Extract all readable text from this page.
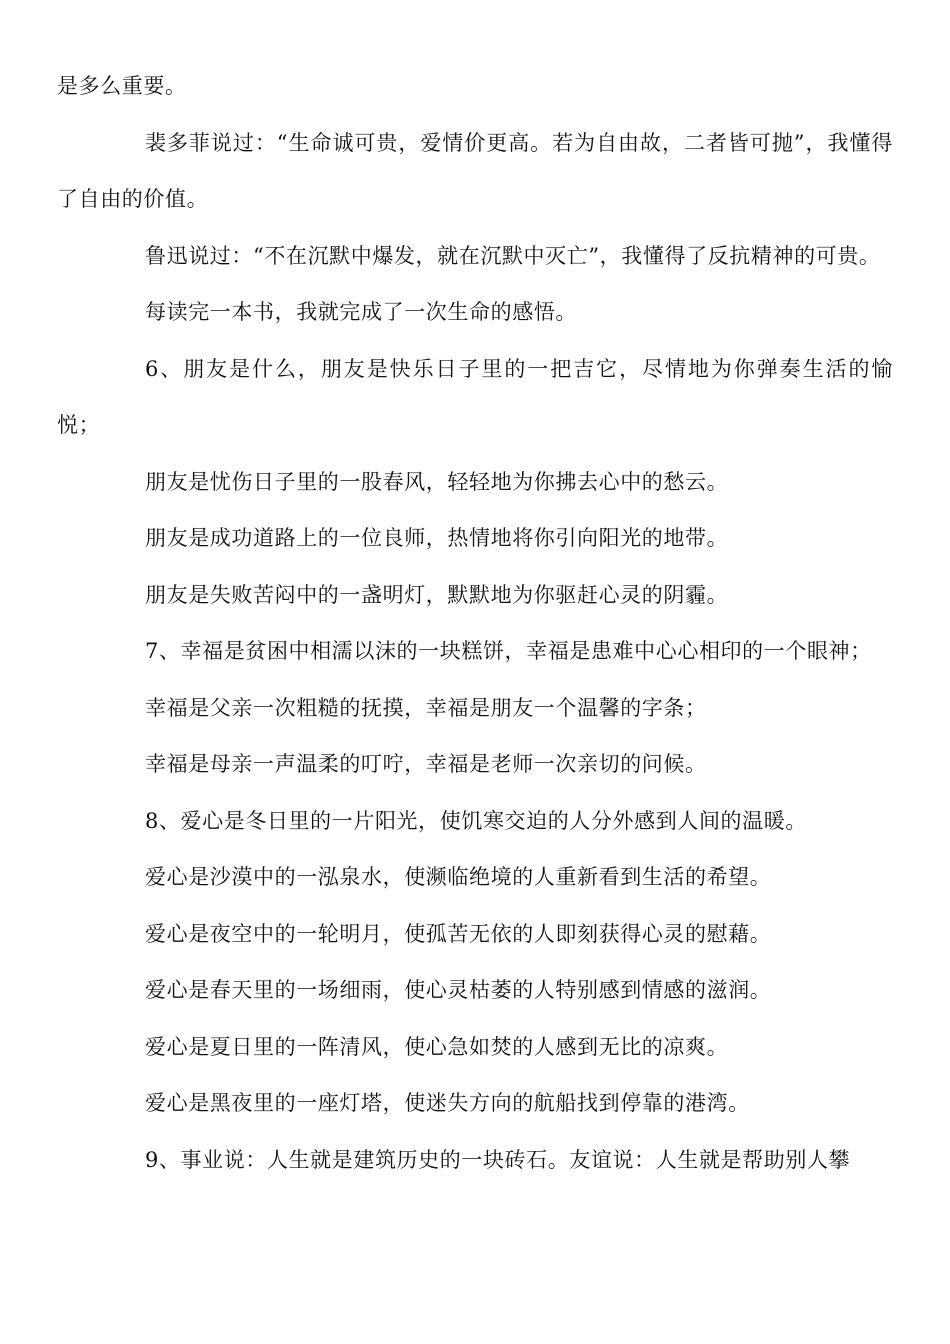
是多么重要。

裴多菲说过：“生命诚可贵，爱情价更高。若为自由故，二者皆可抛”，我懂得了自由的价值。

鲁迅说过：“不在沉默中爆发，就在沉默中灭亡”，我懂得了反抗精神的可贵。

每读完一本书，我就完成了一次生命的感悟。

6、朋友是什么，朋友是快乐日子里的一把吉它，尽情地为你弹奏生活的愉悦；

朋友是忧伤日子里的一股春风，轻轻地为你拂去心中的愁云。

朋友是成功道路上的一位良师，热情地将你引向阳光的地带。

朋友是失败苦闷中的一盏明灯，默默地为你驱赶心灵的阴霾。

7、幸福是贫困中相濡以沫的一块糕饼，幸福是患难中心心相印的一个眼神；

幸福是父亲一次粗糙的抚摸，幸福是朋友一个温馨的字条；

幸福是母亲一声温柔的叮咛，幸福是老师一次亲切的问候。

8、爱心是冬日里的一片阳光，使饥寒交迫的人分外感到人间的温暖。

爱心是沙漠中的一泓泉水，使濒临绝境的人重新看到生活的希望。

爱心是夜空中的一轮明月，使孤苦无依的人即刻获得心灵的慰藉。

爱心是春天里的一场细雨，使心灵枯萎的人特别感到情感的滋润。

爱心是夏日里的一阵清风，使心急如焚的人感到无比的凉爽。

爱心是黑夜里的一座灯塔，使迷失方向的航船找到停靠的港湾。

9、事业说：人生就是建筑历史的一块砖石。友谊说：人生就是帮助别人攀
